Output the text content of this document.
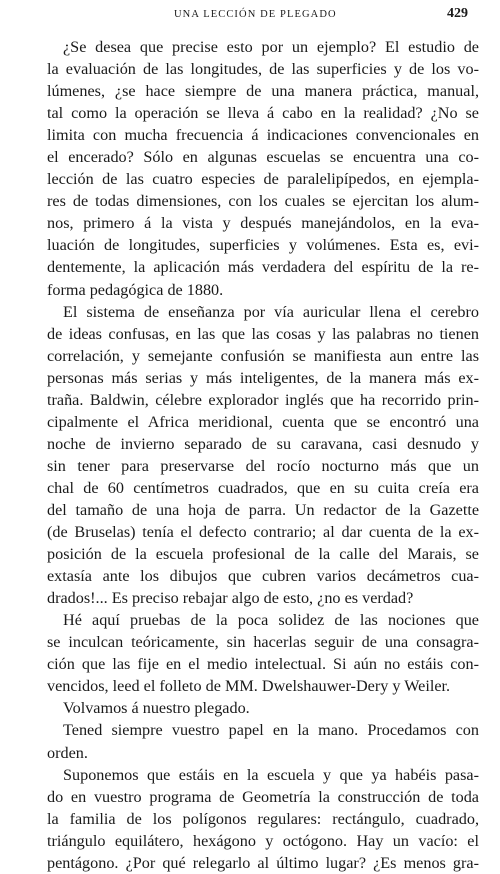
UNA LECCIÓN DE PLEGADO	429
¿Se desea que precise esto por un ejemplo? El estudio de
la evaluación de las longitudes, de las superficies y de los vo-
lúmenes, ¿se hace siempre de una manera práctica, manual,
tal como la operación se lleva á cabo en la realidad? ¿No se
limita con mucha frecuencia á indicaciones convencionales en
el encerado? Sólo en algunas escuelas se encuentra una co-
lección de las cuatro especies de paralelipípedos, en ejempla-
res de todas dimensiones, con los cuales se ejercitan los alum-
nos, primero á la vista y después manejándolos, en la eva-
luación de longitudes, superficies y volúmenes. Esta es, evi-
dentemente, la aplicación más verdadera del espíritu de la re-
forma pedagógica de 1880.
El sistema de enseñanza por vía auricular llena el cerebro
de ideas confusas, en las que las cosas y las palabras no tienen
correlación, y semejante confusión se manifiesta aun entre las
personas más serias y más inteligentes, de la manera más ex-
traña. Baldwin, célebre explorador inglés que ha recorrido prin-
cipalmente el Africa meridional, cuenta que se encontró una
noche de invierno separado de su caravana, casi desnudo y
sin tener para preservarse del rocío nocturno más que un
chal de 60 centímetros cuadrados, que en su cuita creía era
del tamaño de una hoja de parra. Un redactor de la Gazette
(de Bruselas) tenía el defecto contrario; al dar cuenta de la ex-
posición de la escuela profesional de la calle del Marais, se
extasía ante los dibujos que cubren varios decámetros cua-
drados!... Es preciso rebajar algo de esto, ¿no es verdad?
Hé aquí pruebas de la poca solidez de las nociones que
se inculcan teóricamente, sin hacerlas seguir de una consagra-
ción que las fije en el medio intelectual. Si aún no estáis con-
vencidos, leed el folleto de MM. Dwelshauwer-Dery y Weiler.
Volvamos á nuestro plegado.
Tened siempre vuestro papel en la mano. Procedamos con
orden.
Suponemos que estáis en la escuela y que ya habéis pasa-
do en vuestro programa de Geometría la construcción de toda
la familia de los polígonos regulares: rectángulo, cuadrado,
triángulo equilátero, hexágono y octógono. Hay un vacío: el
pentágono. ¿Por qué relegarlo al último lugar? ¿Es menos gra-
